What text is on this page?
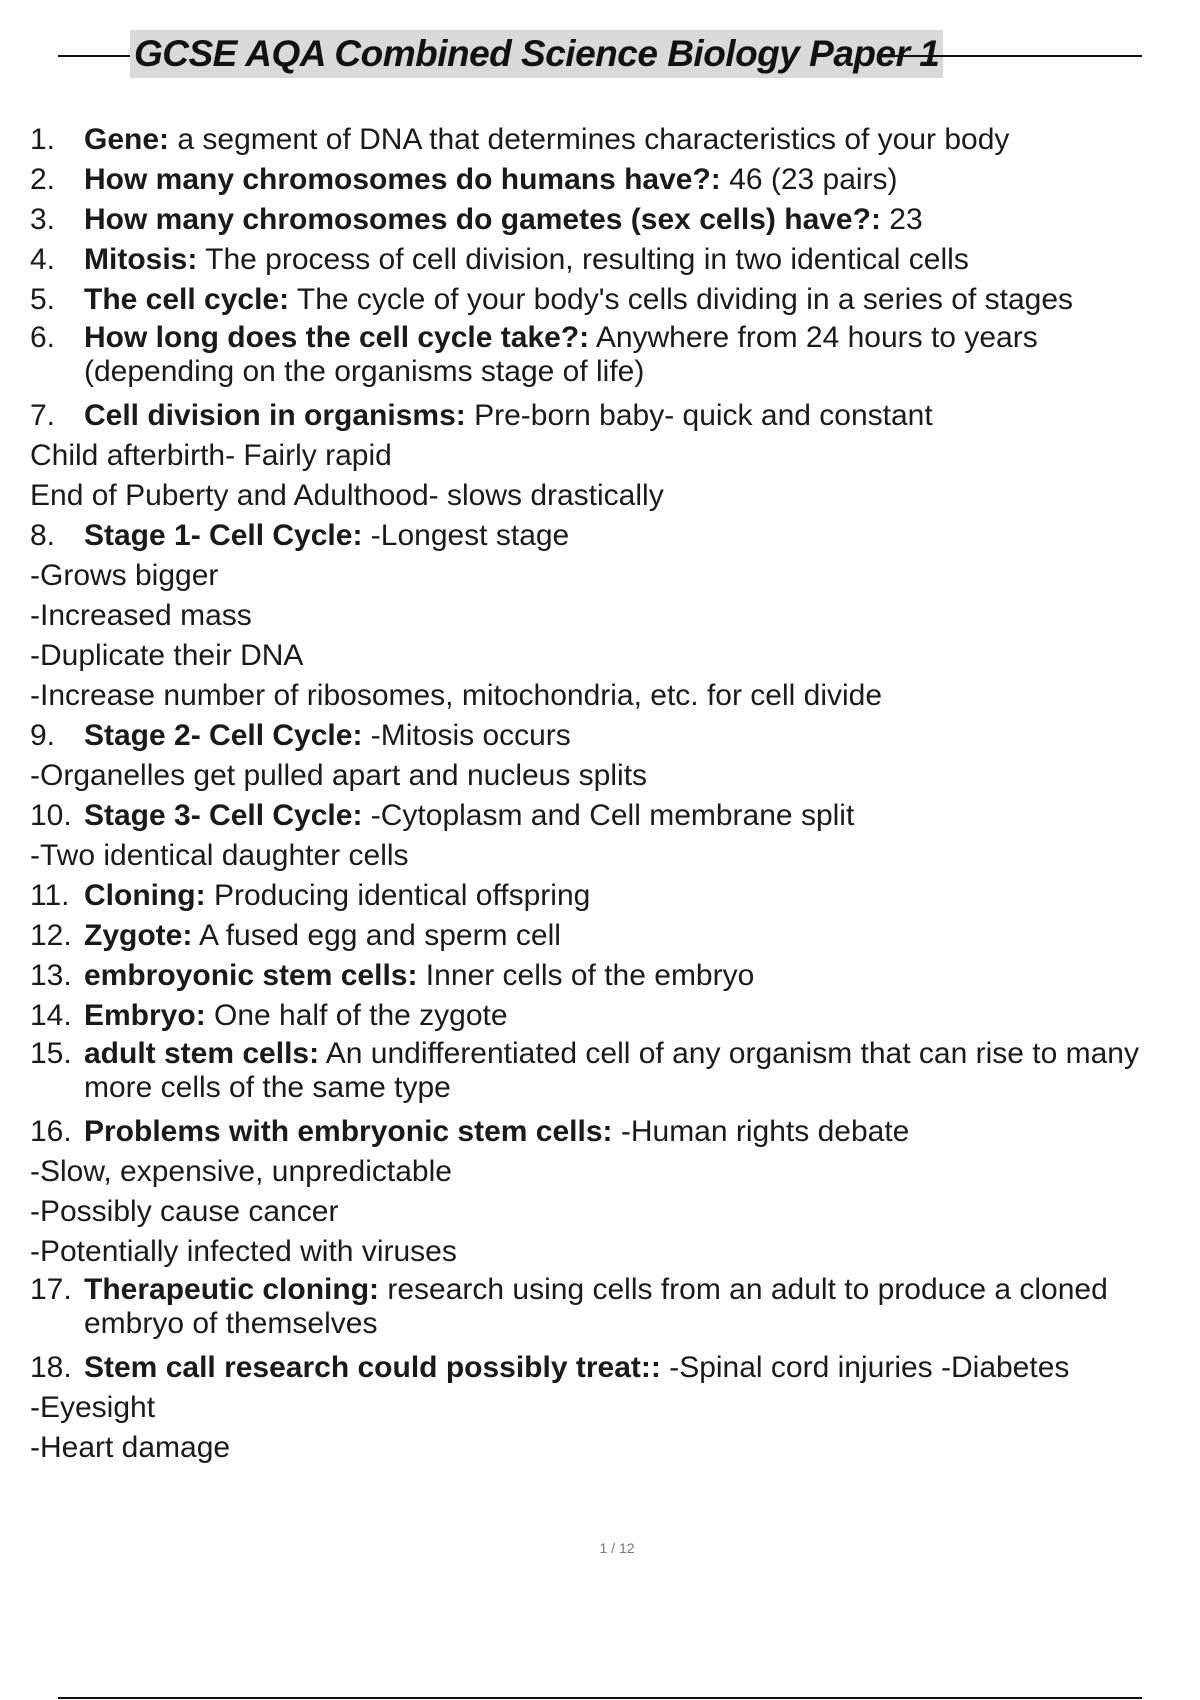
GCSE AQA Combined Science Biology Paper 1
1. Gene: a segment of DNA that determines characteristics of your body
2. How many chromosomes do humans have?: 46 (23 pairs)
3. How many chromosomes do gametes (sex cells) have?: 23
4. Mitosis: The process of cell division, resulting in two identical cells
5. The cell cycle: The cycle of your body's cells dividing in a series of stages
6. How long does the cell cycle take?: Anywhere from 24 hours to years
(depending on the organisms stage of life)
7. Cell division in organisms: Pre-born baby- quick and constant
Child afterbirth- Fairly rapid
End of Puberty and Adulthood- slows drastically
8. Stage 1- Cell Cycle: -Longest stage
-Grows bigger
-Increased mass
-Duplicate their DNA
-Increase number of ribosomes, mitochondria, etc. for cell divide
9. Stage 2- Cell Cycle: -Mitosis occurs
-Organelles get pulled apart and nucleus splits
10. Stage 3- Cell Cycle: -Cytoplasm and Cell membrane split
-Two identical daughter cells
11. Cloning: Producing identical offspring
12. Zygote: A fused egg and sperm cell
13. embroyonic stem cells: Inner cells of the embryo
14. Embryo: One half of the zygote
15. adult stem cells: An undifferentiated cell of any organism that can rise to many
more cells of the same type
16. Problems with embryonic stem cells: -Human rights debate
-Slow, expensive, unpredictable
-Possibly cause cancer
-Potentially infected with viruses
17. Therapeutic cloning: research using cells from an adult to produce a cloned
embryo of themselves
18. Stem call research could possibly treat:: -Spinal cord injuries -Diabetes
-Eyesight
-Heart damage
1 / 12
